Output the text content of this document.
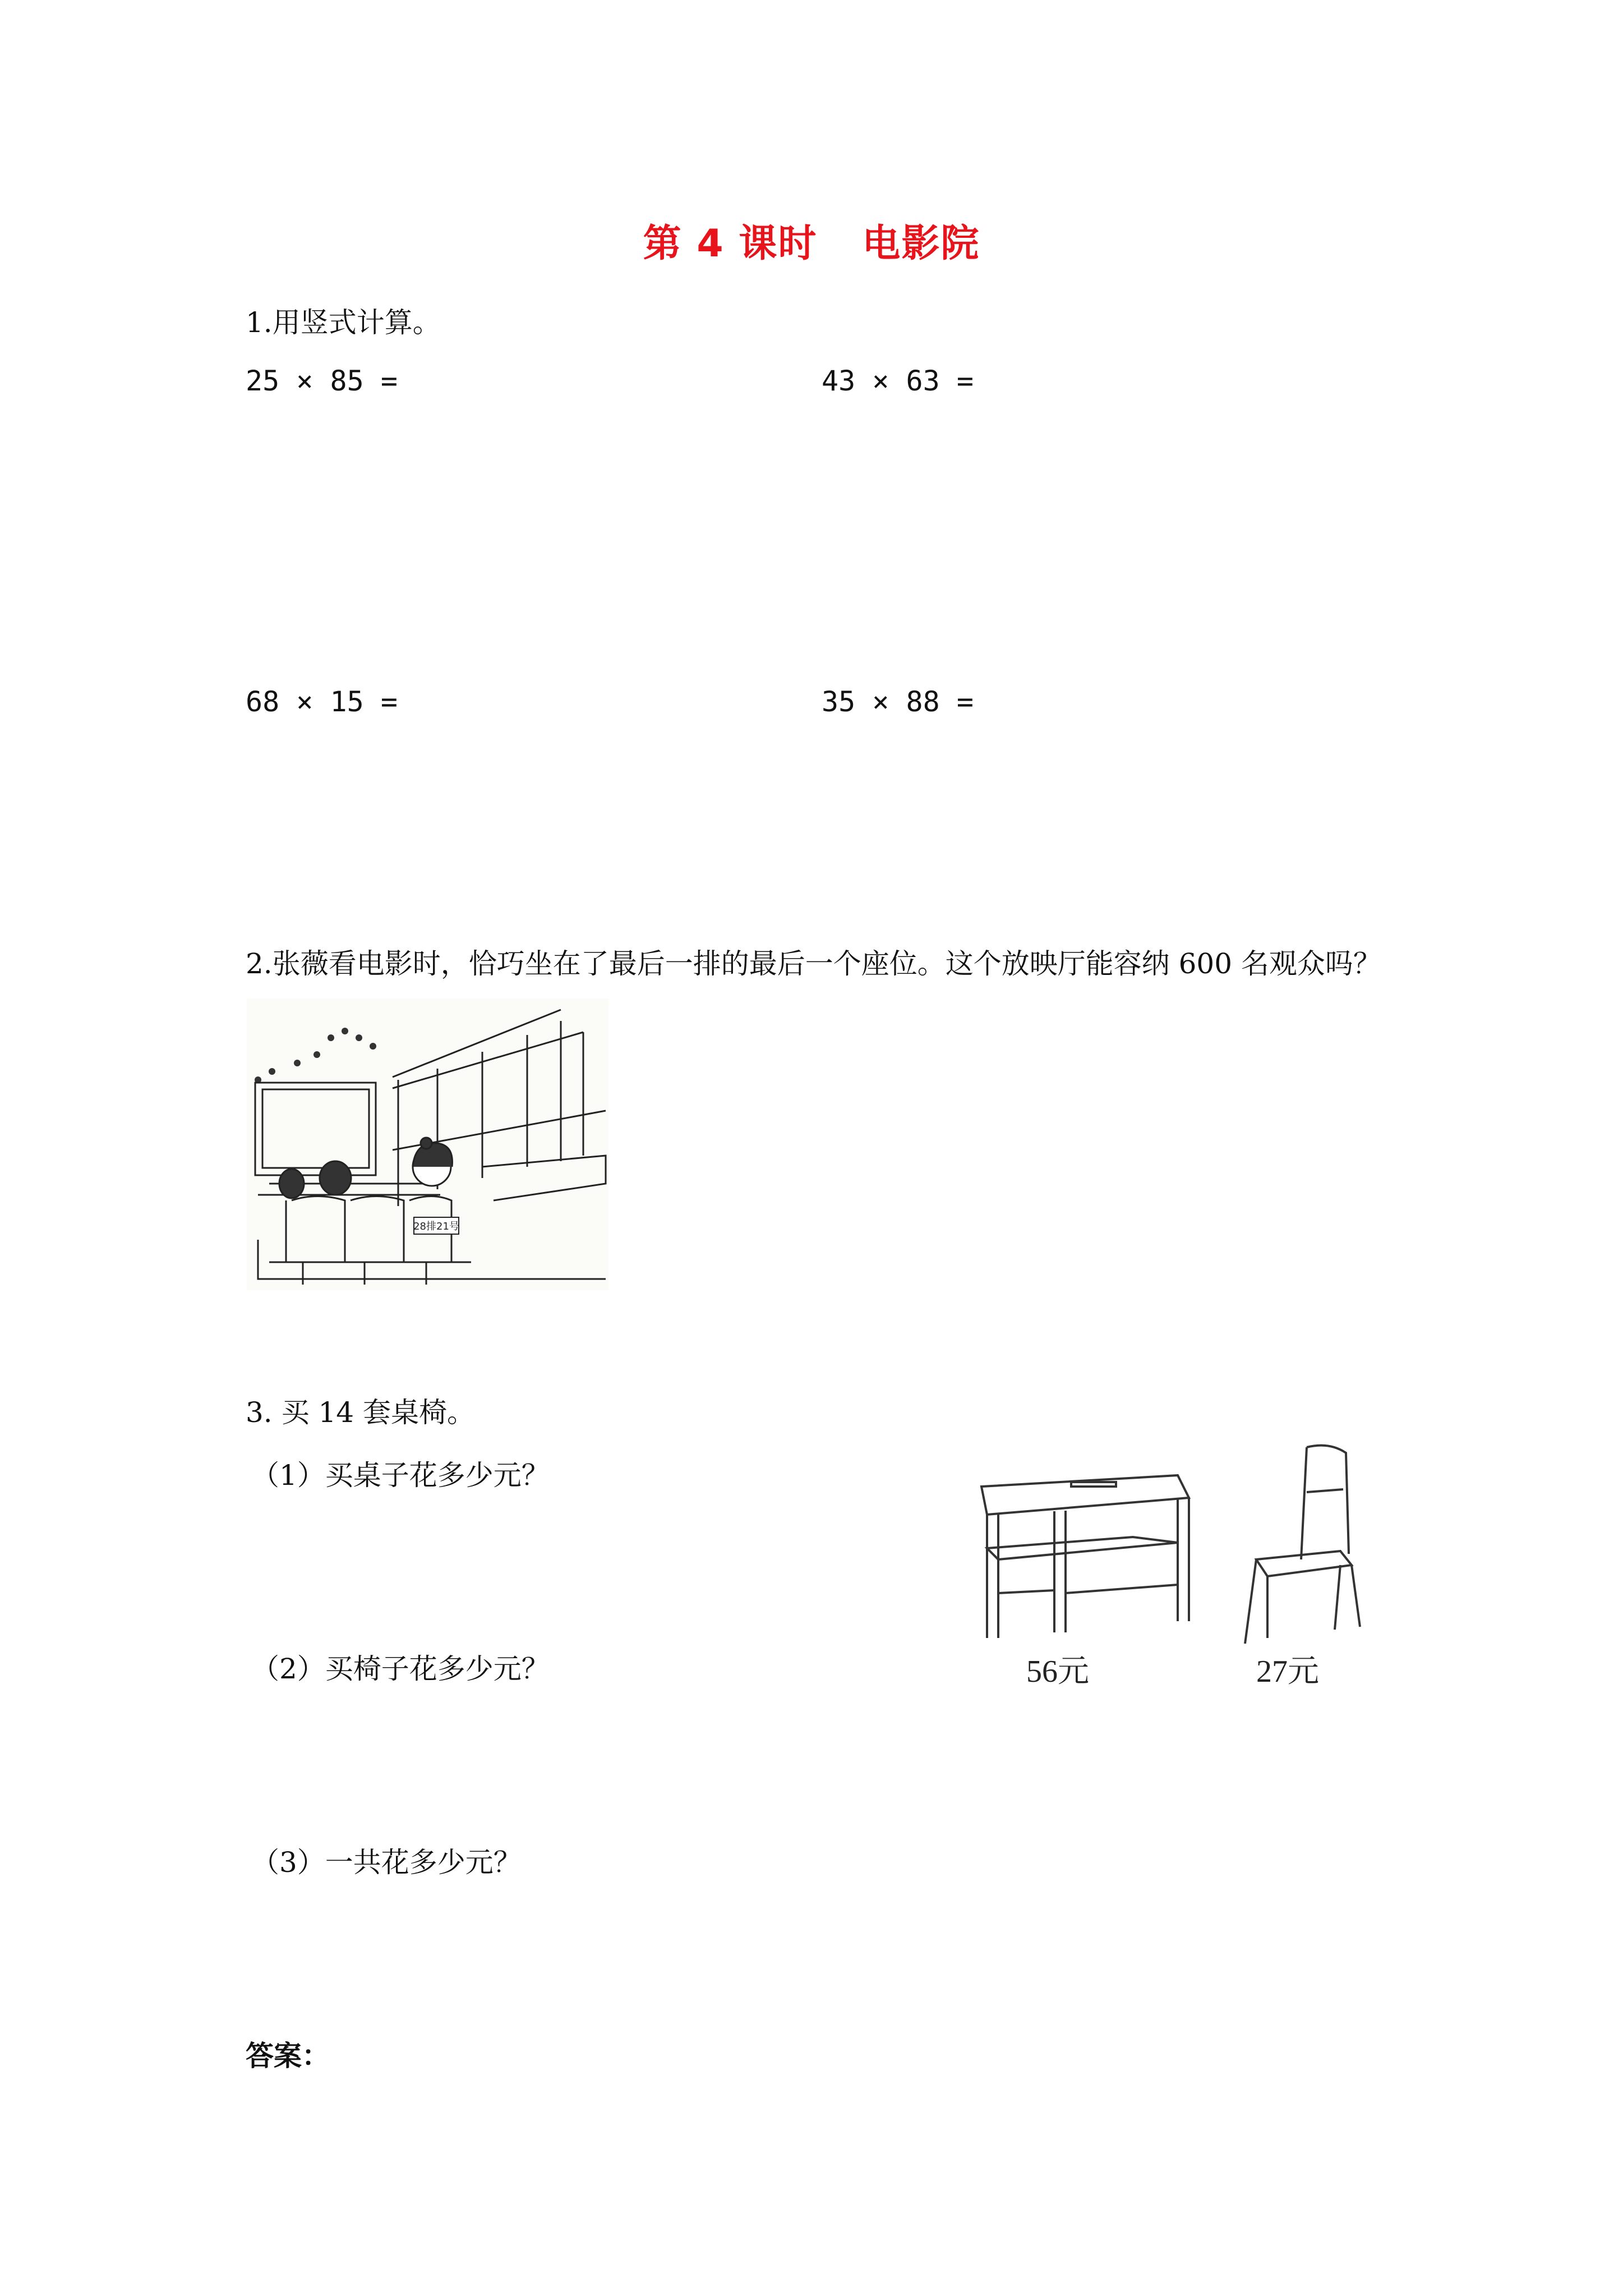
第 4 课时 电影院
1.用竖式计算。
25 × 85 =	43 × 63 =
68 × 15 =	35 × 88 =
2.张薇看电影时，恰巧坐在了最后一排的最后一个座位。这个放映厅能容纳 600 名观众吗？
28排21号
3. 买 14 套桌椅。
（1）买桌子花多少元？
（2）买椅子花多少元？
（3）一共花多少元？
56元	27元
答案：
